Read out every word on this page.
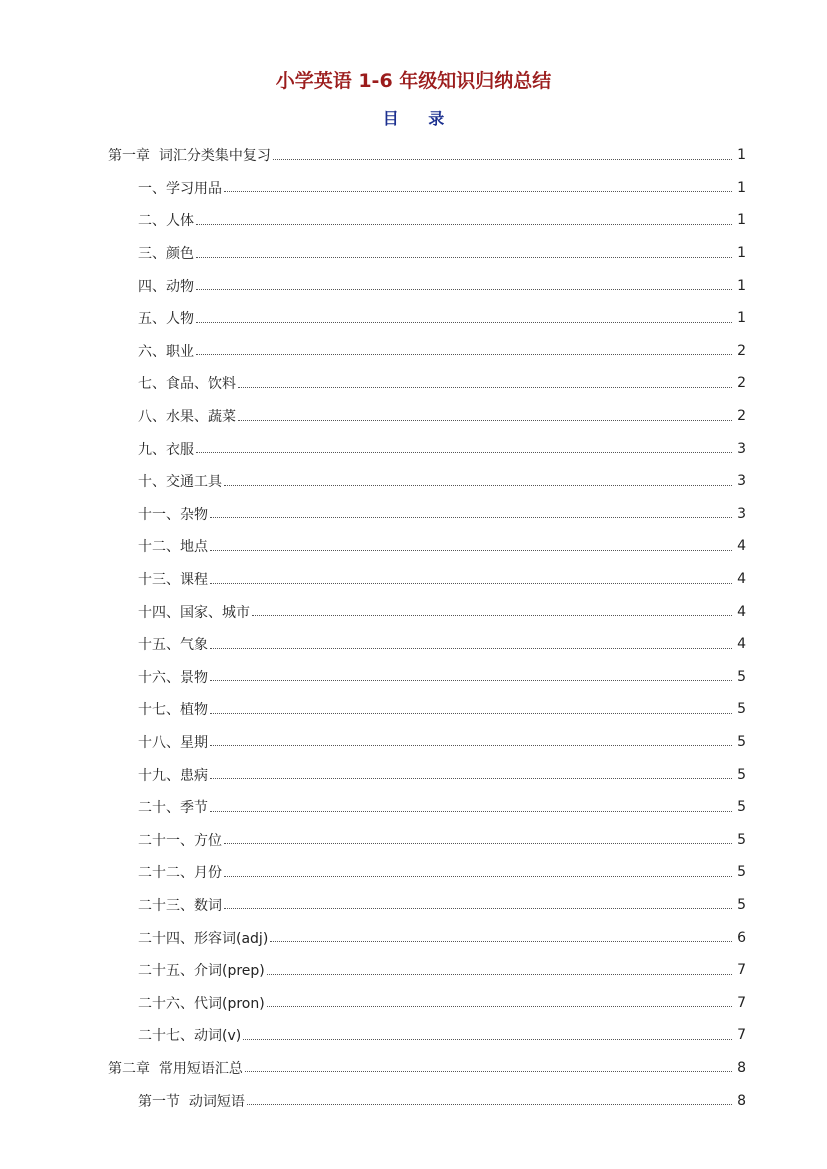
小学英语 1-6 年级知识归纳总结
目 录
第一章  词汇分类集中复习	1
一、学习用品	1
二、人体	1
三、颜色	1
四、动物	1
五、人物	1
六、职业	2
七、食品、饮料	2
八、水果、蔬菜	2
九、衣服	3
十、交通工具	3
十一、杂物	3
十二、地点	4
十三、课程	4
十四、国家、城市	4
十五、气象	4
十六、景物	5
十七、植物	5
十八、星期	5
十九、患病	5
二十、季节	5
二十一、方位	5
二十二、月份	5
二十三、数词	5
二十四、形容词(adj)	6
二十五、介词(prep)	7
二十六、代词(pron)	7
二十七、动词(v)	7
第二章  常用短语汇总	8
第一节  动词短语	8
